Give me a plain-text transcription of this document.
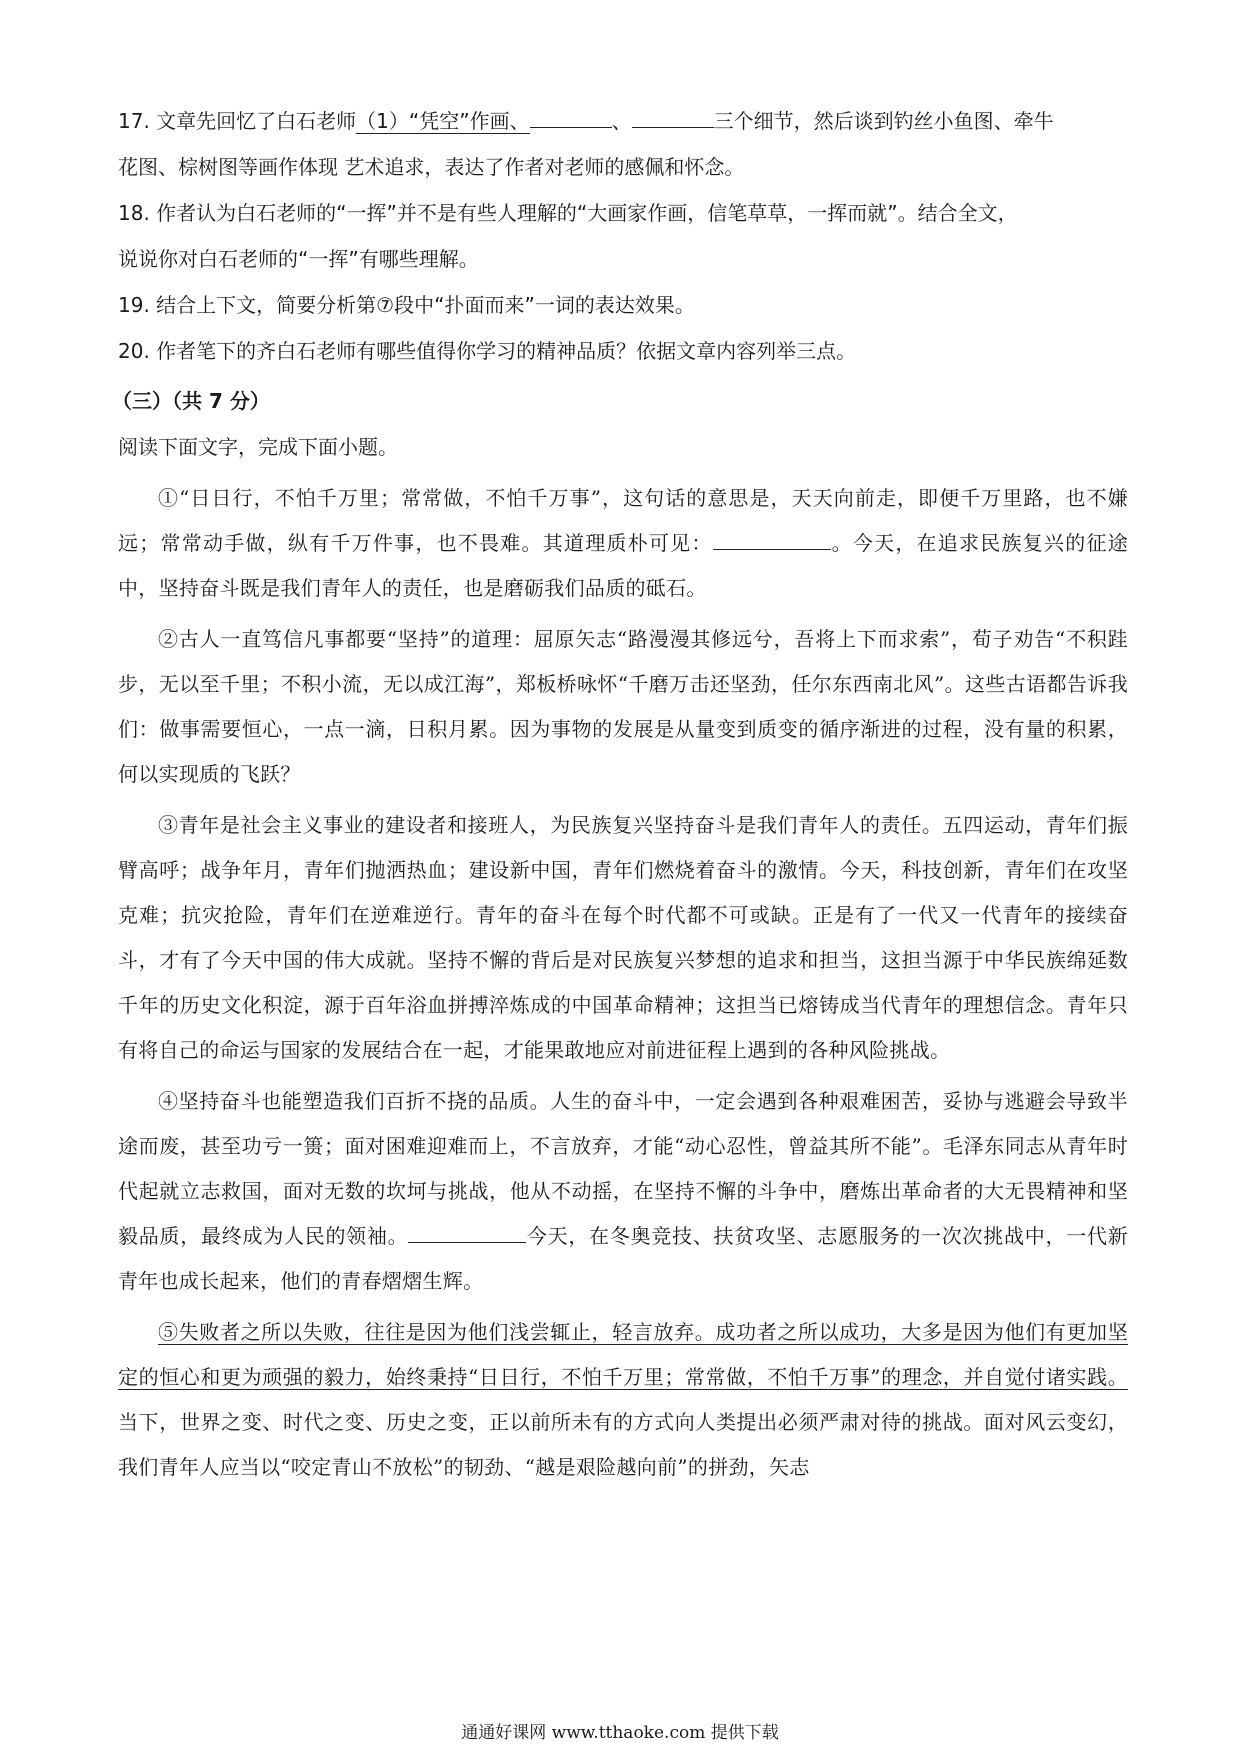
17. 文章先回忆了白石老师（1）“凭空”作画、	、	三个细节，然后谈到钓丝小鱼图、牵牛
花图、棕树图等画作体现 艺术追求，表达了作者对老师的感佩和怀念。

18. 作者认为白石老师的“一挥”并不是有些人理解的“大画家作画，信笔草草，一挥而就”。结合全文，
说说你对白石老师的“一挥”有哪些理解。

19. 结合上下文，简要分析第⑦段中“扑面而来”一词的表达效果。

20. 作者笔下的齐白石老师有哪些值得你学习的精神品质？依据文章内容列举三点。

（三）（共 7 分）

阅读下面文字，完成下面小题。

①“日日行，不怕千万里；常常做，不怕千万事”，这句话的意思是，天天向前走，即便千万里路，也不嫌远；常常动手做，纵有千万件事，也不畏难。其道理质朴可见：	。今天，在追求民族复兴的征途中，坚持奋斗既是我们青年人的责任，也是磨砺我们品质的砥石。

②古人一直笃信凡事都要“坚持”的道理：屈原矢志“路漫漫其修远兮，吾将上下而求索”，荀子劝告“不积跬步，无以至千里；不积小流，无以成江海”，郑板桥咏怀“千磨万击还坚劲，任尔东西南北风”。这些古语都告诉我们：做事需要恒心，一点一滴，日积月累。因为事物的发展是从量变到质变的循序渐进的过程，没有量的积累，何以实现质的飞跃？

③青年是社会主义事业的建设者和接班人，为民族复兴坚持奋斗是我们青年人的责任。五四运动，青年们振臂高呼；战争年月，青年们抛洒热血；建设新中国，青年们燃烧着奋斗的激情。今天，科技创新，青年们在攻坚克难；抗灾抢险，青年们在逆难逆行。青年的奋斗在每个时代都不可或缺。正是有了一代又一代青年的接续奋斗，才有了今天中国的伟大成就。坚持不懈的背后是对民族复兴梦想的追求和担当，这担当源于中华民族绵延数千年的历史文化积淀，源于百年浴血拼搏淬炼成的中国革命精神；这担当已熔铸成当代青年的理想信念。青年只有将自己的命运与国家的发展结合在一起，才能果敢地应对前进征程上遇到的各种风险挑战。

④坚持奋斗也能塑造我们百折不挠的品质。人生的奋斗中，一定会遇到各种艰难困苦，妥协与逃避会导致半途而废，甚至功亏一篑；面对困难迎难而上，不言放弃，才能“动心忍性，曾益其所不能”。毛泽东同志从青年时代起就立志救国，面对无数的坎坷与挑战，他从不动摇，在坚持不懈的斗争中，磨炼出革命者的大无畏精神和坚毅品质，最终成为人民的领袖。	今天，在冬奥竞技、扶贫攻坚、志愿服务的一次次挑战中，一代新青年也成长起来，他们的青春熠熠生辉。

⑤失败者之所以失败，往往是因为他们浅尝辄止，轻言放弃。成功者之所以成功，大多是因为他们有更加坚定的恒心和更为顽强的毅力，始终秉持“日日行，不怕千万里；常常做，不怕千万事”的理念，并自觉付诸实践。当下，世界之变、时代之变、历史之变，正以前所未有的方式向人类提出必须严肃对待的挑战。面对风云变幻，我们青年人应当以“咬定青山不放松”的韧劲、“越是艰险越向前”的拼劲，矢志

通通好课网 www.tthaoke.com 提供下载
